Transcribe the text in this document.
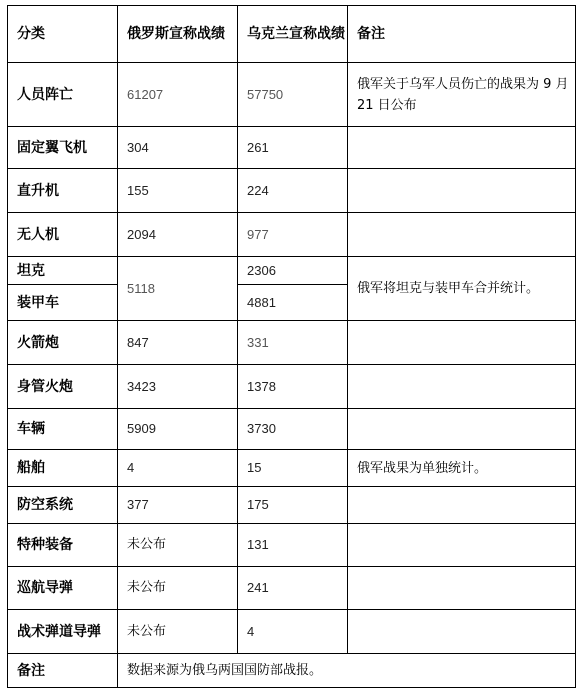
分类	俄罗斯宣称战绩	乌克兰宣称战绩	备注
人员阵亡	61207	57750	俄军关于乌军人员伤亡的战果为 9 月 21 日公布
固定翼飞机	304	261	
直升机	155	224	
无人机	2094	977	
坦克	5118	2306	俄军将坦克与装甲车合并统计。
装甲车		4881	
火箭炮	847	331	
身管火炮	3423	1378	
车辆	5909	3730	
船舶	4	15	俄军战果为单独统计。
防空系统	377	175	
特种装备	未公布	131	
巡航导弹	未公布	241	
战术弹道导弹	未公布	4	
备注	数据来源为俄乌两国国防部战报。		
